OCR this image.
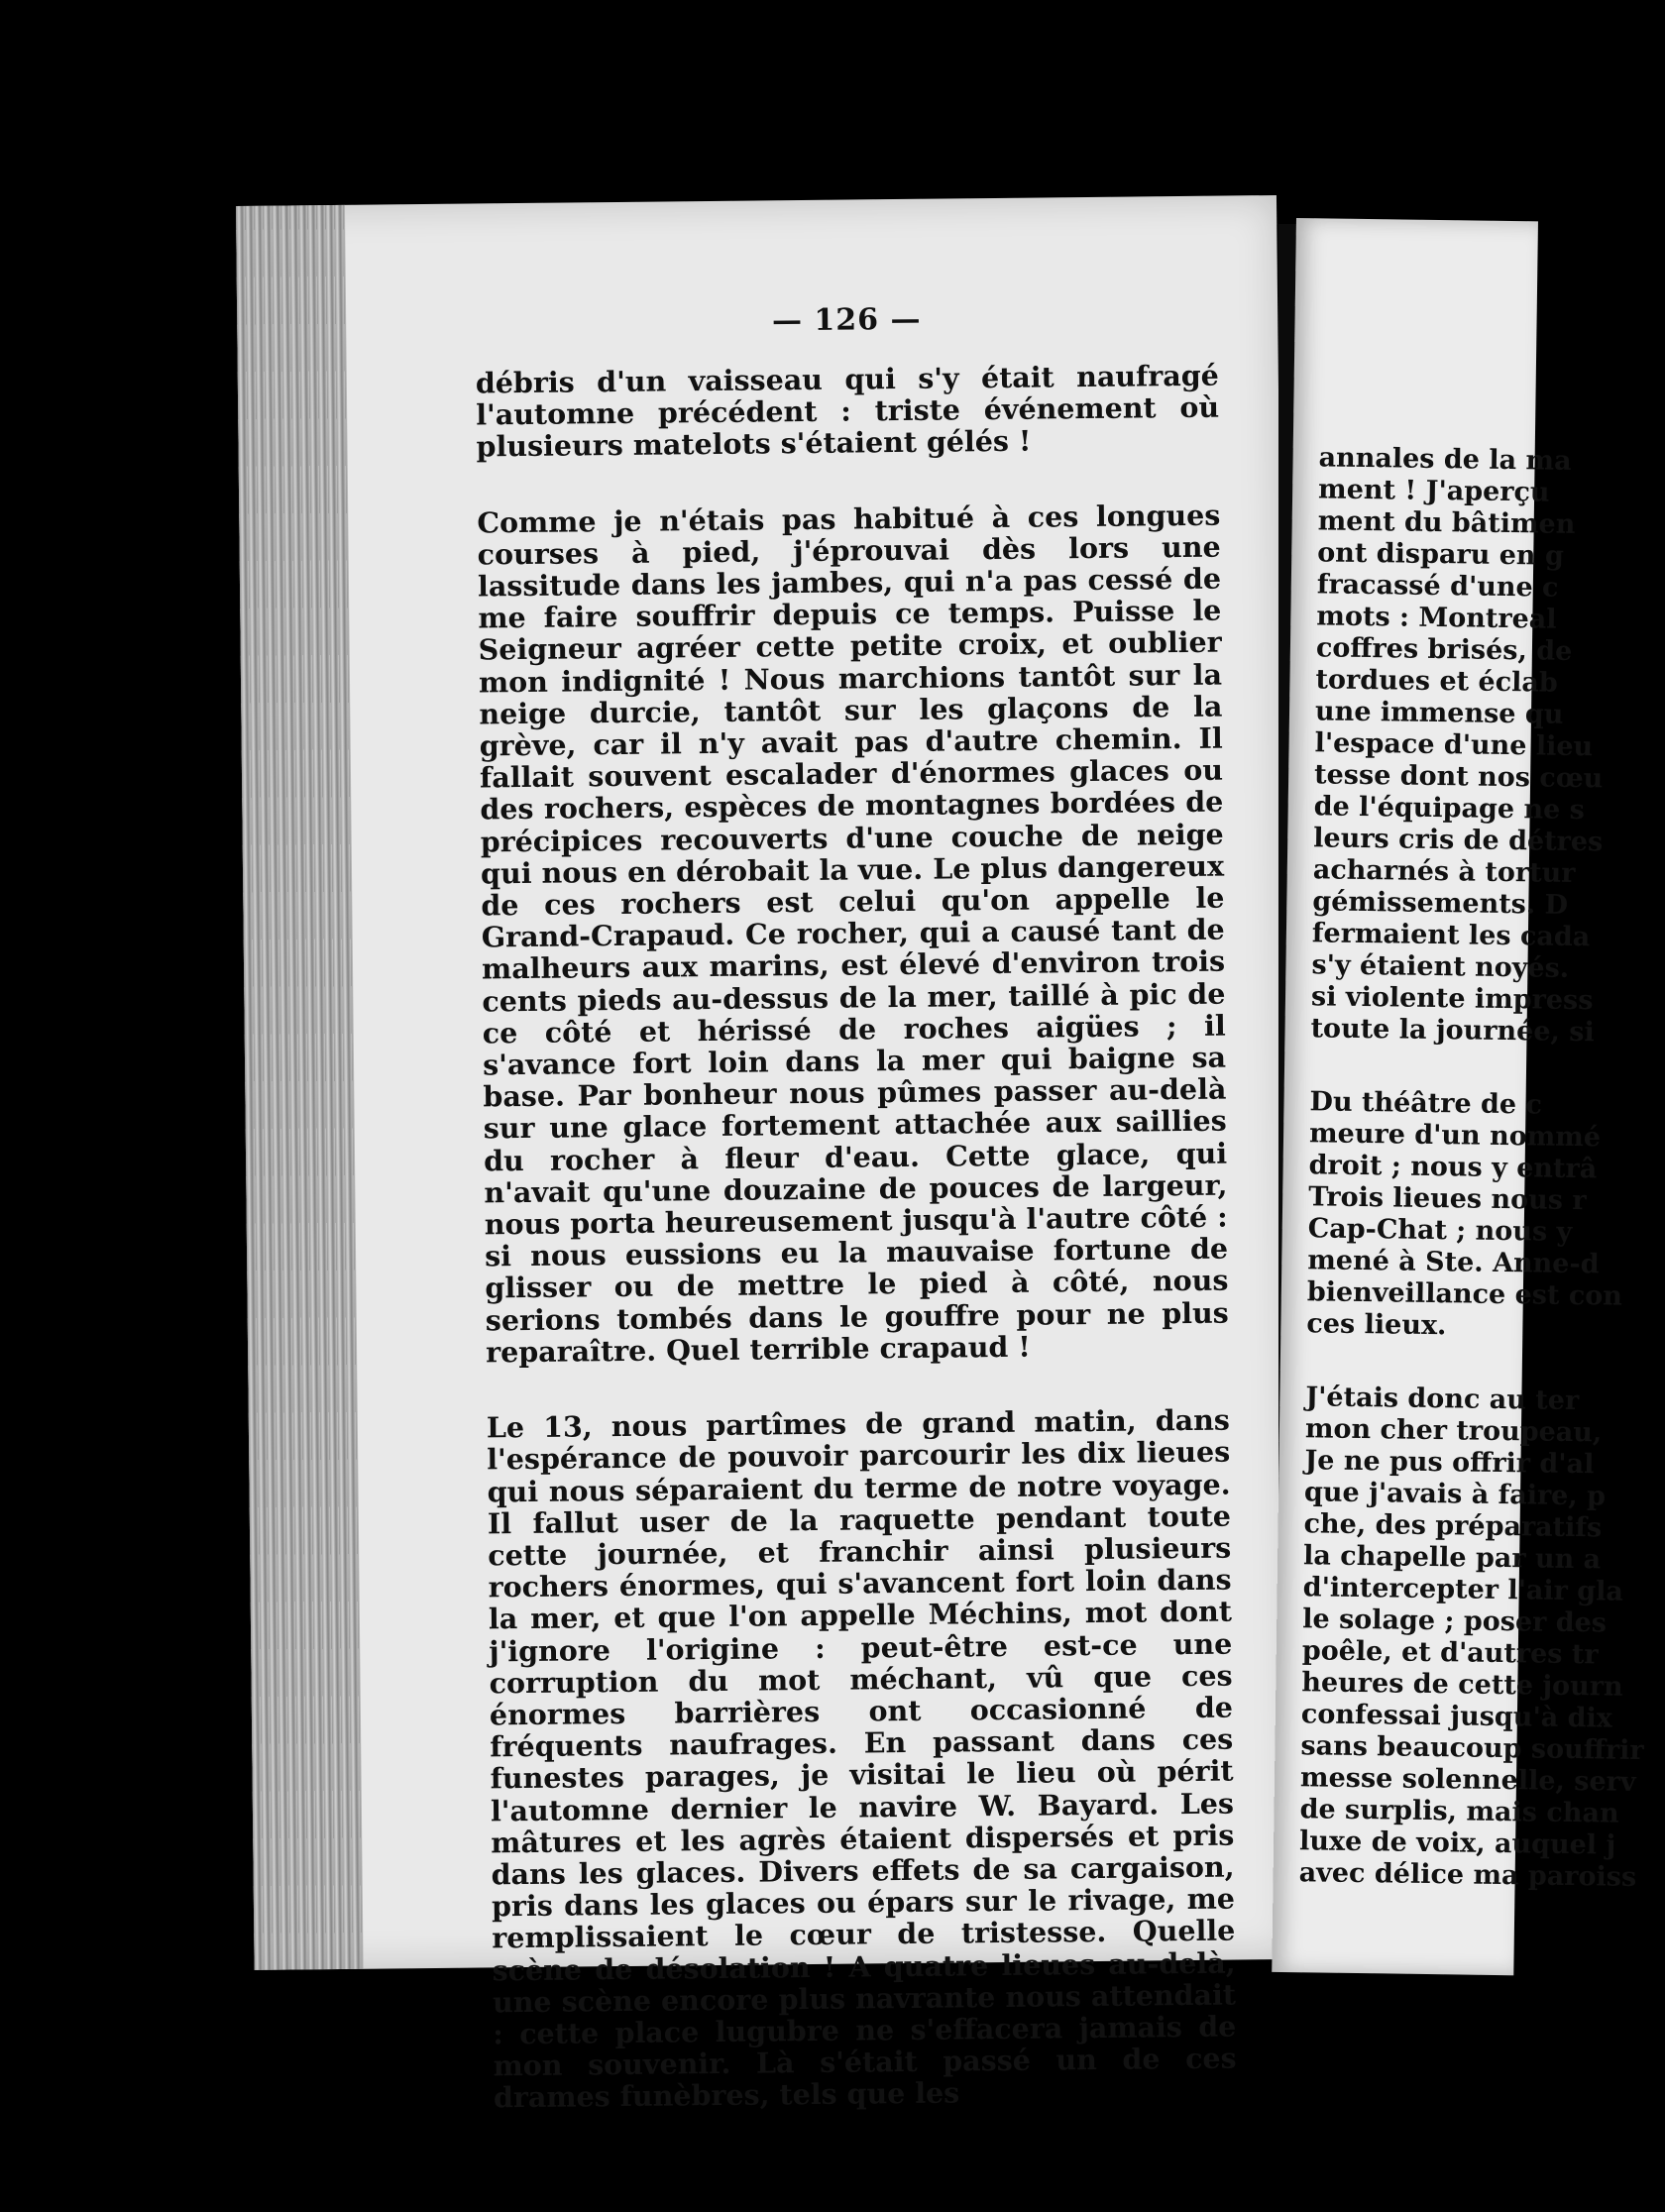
— 126 —

débris d'un vaisseau qui s'y était naufragé l'automne précédent : triste événement où plusieurs matelots s'étaient gélés !

Comme je n'étais pas habitué à ces longues courses à pied, j'éprouvai dès lors une lassitude dans les jambes, qui n'a pas cessé de me faire souffrir depuis ce temps. Puisse le Seigneur agréer cette petite croix, et oublier mon indignité ! Nous marchions tantôt sur la neige durcie, tantôt sur les glaçons de la grève, car il n'y avait pas d'autre chemin. Il fallait souvent escalader d'énormes glaces ou des rochers, espèces de montagnes bordées de précipices recouverts d'une couche de neige qui nous en dérobait la vue. Le plus dangereux de ces rochers est celui qu'on appelle le Grand-Crapaud. Ce rocher, qui a causé tant de malheurs aux marins, est élevé d'environ trois cents pieds au-dessus de la mer, taillé à pic de ce côté et hérissé de roches aigües ; il s'avance fort loin dans la mer qui baigne sa base. Par bonheur nous pûmes passer au-delà sur une glace fortement attachée aux saillies du rocher à fleur d'eau. Cette glace, qui n'avait qu'une douzaine de pouces de largeur, nous porta heureusement jusqu'à l'autre côté : si nous eussions eu la mauvaise fortune de glisser ou de mettre le pied à côté, nous serions tombés dans le gouffre pour ne plus reparaître. Quel terrible crapaud !

Le 13, nous partîmes de grand matin, dans l'espérance de pouvoir parcourir les dix lieues qui nous séparaient du terme de notre voyage. Il fallut user de la raquette pendant toute cette journée, et franchir ainsi plusieurs rochers énormes, qui s'avancent fort loin dans la mer, et que l'on appelle Méchins, mot dont j'ignore l'origine : peut-être est-ce une corruption du mot méchant, vû que ces énormes barrières ont occasionné de fréquents naufrages. En passant dans ces funestes parages, je visitai le lieu où périt l'automne dernier le navire W. Bayard. Les mâtures et les agrès étaient dispersés et pris dans les glaces. Divers effets de sa cargaison, pris dans les glaces ou épars sur le rivage, me remplissaient le cœur de tristesse. Quelle scène de désolation ! A quatre lieues au-delà, une scène encore plus navrante nous attendait : cette place lugubre ne s'effacera jamais de mon souvenir. Là s'était passé un de ces drames funèbres, tels que les

annales de la ma

ment ! J'aperçu

ment du bâtimen

ont disparu en g

fracassé d'une c

mots : Montreal

coffres brisés, de

tordues et éclab

une immense qu

l'espace d'une lieu

tesse dont nos cœu

de l'équipage ne s

leurs cris de détres

acharnés à tortur

gémissements. D

fermaient les cada

s'y étaient noyés.

si violente impress

toute la journée, si

Du théâtre de c

meure d'un nommé

droit ; nous y entrâ

Trois lieues nous r

Cap-Chat ; nous y

mené à Ste. Anne-d

bienveillance est con

ces lieux.

J'étais donc au ter

mon cher troupeau,

Je ne pus offrir d'al

que j'avais à faire, p

che, des préparatifs

la chapelle par un a

d'intercepter l'air gla

le solage ; poser des

poêle, et d'autres tr

heures de cette journ

confessai jusqu'à dix

sans beaucoup souffrir

messe solennelle, serv

de surplis, mais chan

luxe de voix, auquel j

avec délice ma paroiss
